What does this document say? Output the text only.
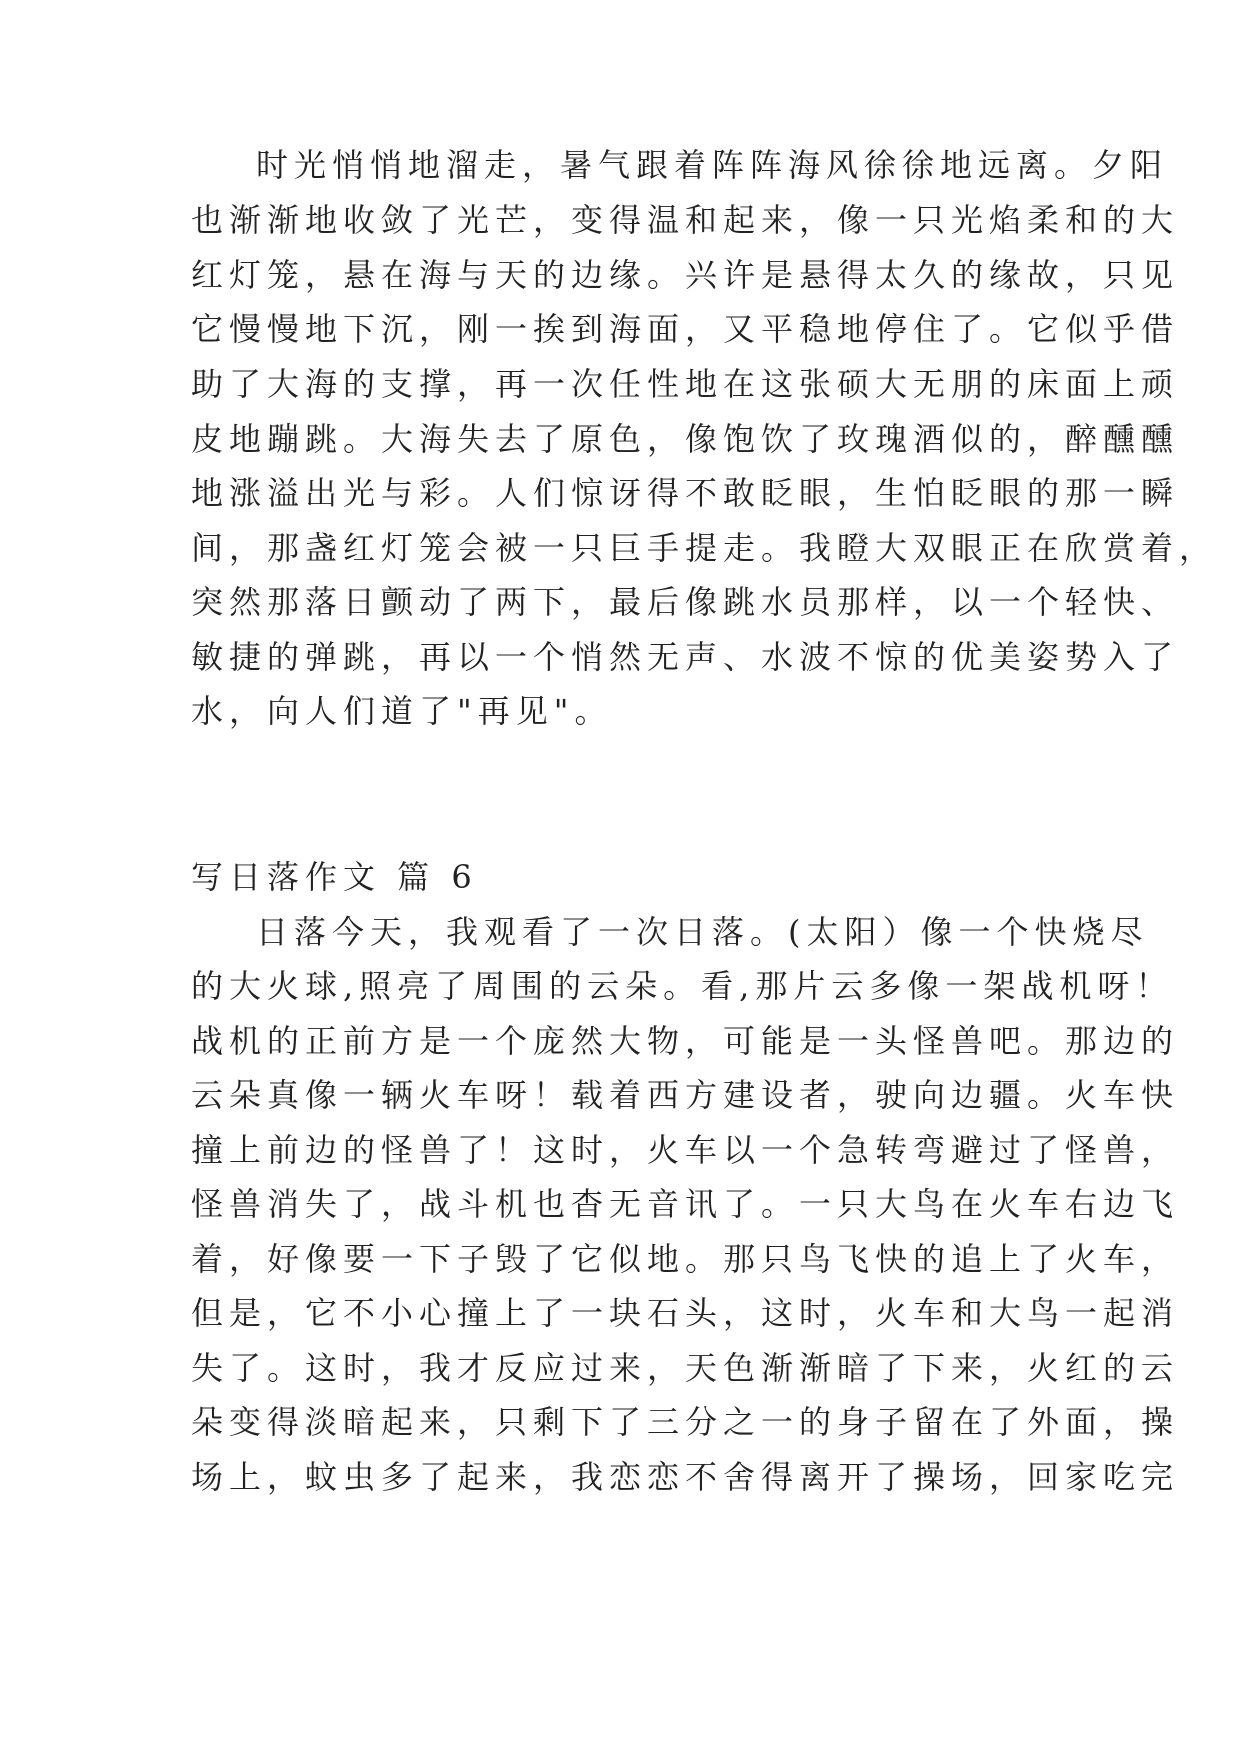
时光悄悄地溜走，暑气跟着阵阵海风徐徐地远离。夕阳
也渐渐地收敛了光芒，变得温和起来，像一只光焰柔和的大
红灯笼，悬在海与天的边缘。兴许是悬得太久的缘故，只见
它慢慢地下沉，刚一挨到海面，又平稳地停住了。它似乎借
助了大海的支撑，再一次任性地在这张硕大无朋的床面上顽
皮地蹦跳。大海失去了原色，像饱饮了玫瑰酒似的，醉醺醺
地涨溢出光与彩。人们惊讶得不敢眨眼，生怕眨眼的那一瞬
间，那盏红灯笼会被一只巨手提走。我瞪大双眼正在欣赏着，
突然那落日颤动了两下，最后像跳水员那样，以一个轻快、
敏捷的弹跳，再以一个悄然无声、水波不惊的优美姿势入了
水，向人们道了"再见"。
写日落作文 篇 6
日落今天，我观看了一次日落。(太阳）像一个快烧尽
的大火球,照亮了周围的云朵。看,那片云多像一架战机呀！
战机的正前方是一个庞然大物，可能是一头怪兽吧。那边的
云朵真像一辆火车呀！载着西方建设者，驶向边疆。火车快
撞上前边的怪兽了！这时，火车以一个急转弯避过了怪兽，
怪兽消失了，战斗机也杳无音讯了。一只大鸟在火车右边飞
着，好像要一下子毁了它似地。那只鸟飞快的追上了火车，
但是，它不小心撞上了一块石头，这时，火车和大鸟一起消
失了。这时，我才反应过来，天色渐渐暗了下来，火红的云
朵变得淡暗起来，只剩下了三分之一的身子留在了外面，操
场上，蚊虫多了起来，我恋恋不舍得离开了操场，回家吃完
